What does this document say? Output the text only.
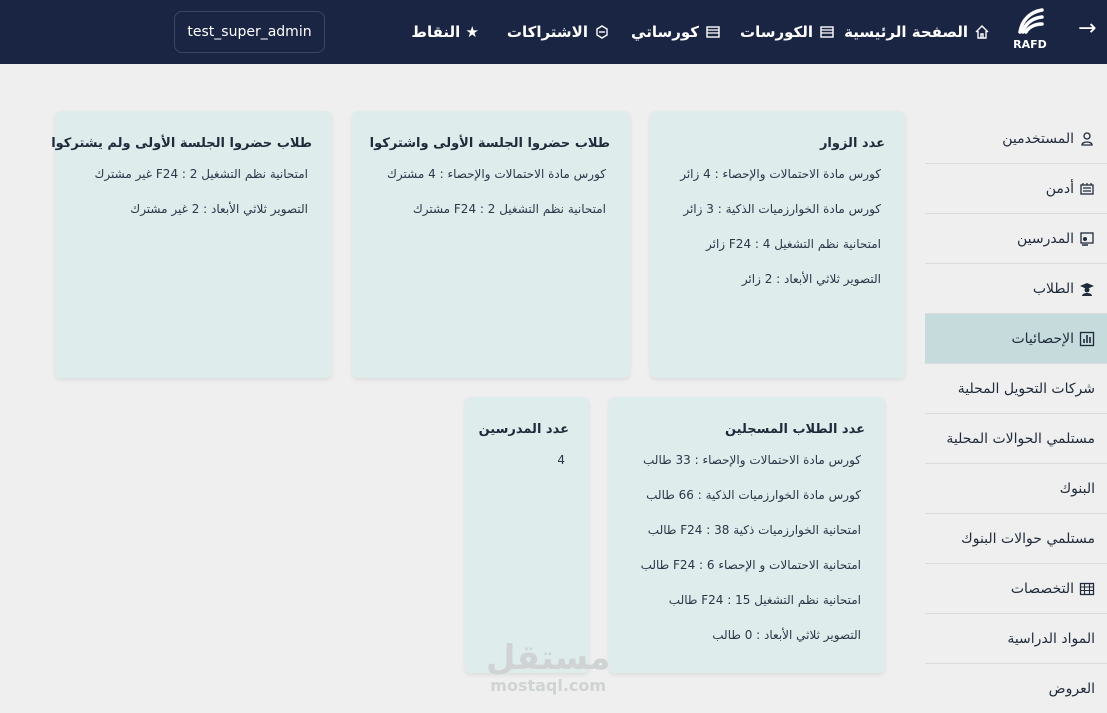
→
RAFD
الصفحة الرئيسية
الكورسات
كورساتي
الاشتراكات
★ النقاط
test_super_admin
المستخدمين
أدمن
المدرسين
الطلاب
الإحصائيات
شركات التحويل المحلية
مستلمي الحوالات المحلية
البنوك
مستلمي حوالات البنوك
التخصصات
المواد الدراسية
العروض
عدد الزوار
كورس مادة الاحتمالات والإحصاء : 4 زائر
كورس مادة الخوارزميات الذكية : 3 زائر
امتحانية نظم التشغيل F24 : 4 زائر
التصوير ثلاثي الأبعاد : 2 زائر
طلاب حضروا الجلسة الأولى واشتركوا
كورس مادة الاحتمالات والإحصاء : 4 مشترك
امتحانية نظم التشغيل F24 : 2 مشترك
طلاب حضروا الجلسة الأولى ولم يشتركوا
امتحانية نظم التشغيل F24 : 2 غير مشترك
التصوير ثلاثي الأبعاد : 2 غير مشترك
عدد الطلاب المسجلين
كورس مادة الاحتمالات والإحصاء : 33 طالب
كورس مادة الخوارزميات الذكية : 66 طالب
امتحانية الخوارزميات ذكية F24 : 38 طالب
امتحانية الاحتمالات و الإحصاء F24 : 6 طالب
امتحانية نظم التشغيل F24 : 15 طالب
التصوير ثلاثي الأبعاد : 0 طالب
عدد المدرسين
4
مستقل
mostaql.com
